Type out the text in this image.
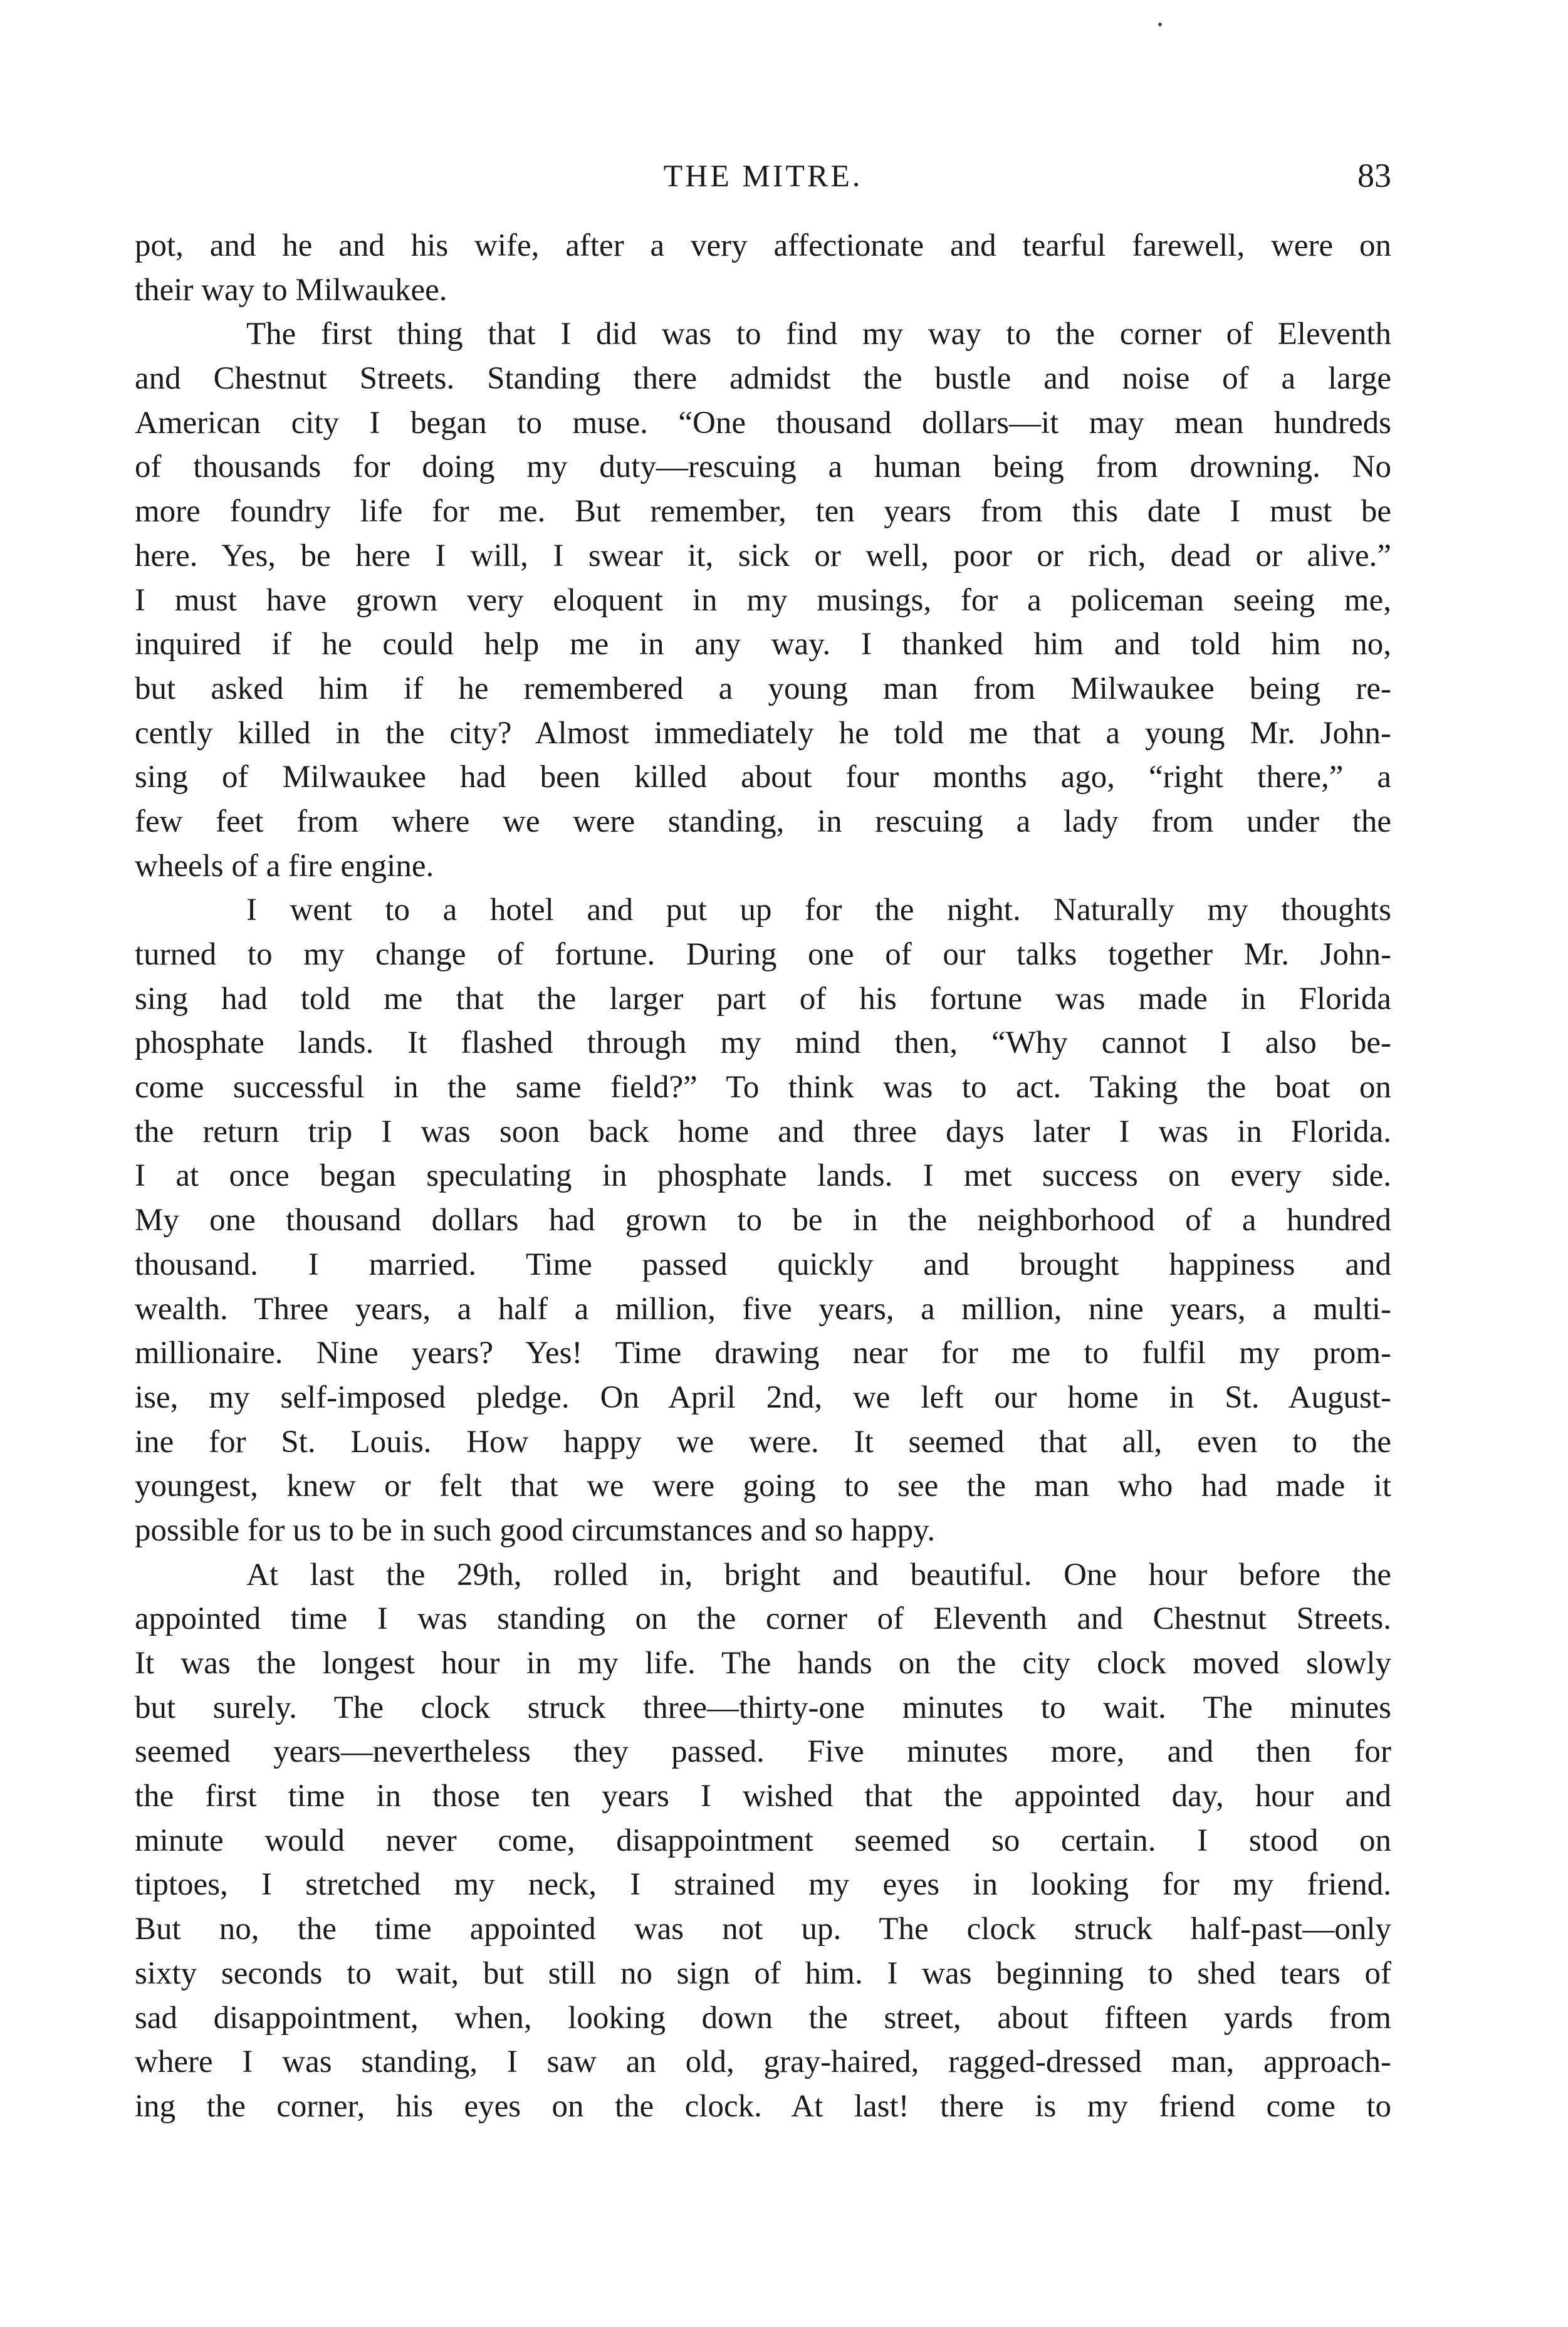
THE MITRE.	83
pot, and he and his wife, after a very affectionate and tearful farewell, were on
their way to Milwaukee.
The first thing that I did was to find my way to the corner of Eleventh
and Chestnut Streets. Standing there admidst the bustle and noise of a large
American city I began to muse. “One thousand dollars—it may mean hundreds
of thousands for doing my duty—rescuing a human being from drowning. No
more foundry life for me. But remember, ten years from this date I must be
here. Yes, be here I will, I swear it, sick or well, poor or rich, dead or alive.”
I must have grown very eloquent in my musings, for a policeman seeing me,
inquired if he could help me in any way. I thanked him and told him no,
but asked him if he remembered a young man from Milwaukee being re-
cently killed in the city? Almost immediately he told me that a young Mr. John-
sing of Milwaukee had been killed about four months ago, “right there,” a
few feet from where we were standing, in rescuing a lady from under the
wheels of a fire engine.
I went to a hotel and put up for the night. Naturally my thoughts
turned to my change of fortune. During one of our talks together Mr. John-
sing had told me that the larger part of his fortune was made in Florida
phosphate lands. It flashed through my mind then, “Why cannot I also be-
come successful in the same field?” To think was to act. Taking the boat on
the return trip I was soon back home and three days later I was in Florida.
I at once began speculating in phosphate lands. I met success on every side.
My one thousand dollars had grown to be in the neighborhood of a hundred
thousand. I married. Time passed quickly and brought happiness and
wealth. Three years, a half a million, five years, a million, nine years, a multi-
millionaire. Nine years? Yes! Time drawing near for me to fulfil my prom-
ise, my self-imposed pledge. On April 2nd, we left our home in St. August-
ine for St. Louis. How happy we were. It seemed that all, even to the
youngest, knew or felt that we were going to see the man who had made it
possible for us to be in such good circumstances and so happy.
At last the 29th, rolled in, bright and beautiful. One hour before the
appointed time I was standing on the corner of Eleventh and Chestnut Streets.
It was the longest hour in my life. The hands on the city clock moved slowly
but surely. The clock struck three—thirty-one minutes to wait. The minutes
seemed years—nevertheless they passed. Five minutes more, and then for
the first time in those ten years I wished that the appointed day, hour and
minute would never come, disappointment seemed so certain. I stood on
tiptoes, I stretched my neck, I strained my eyes in looking for my friend.
But no, the time appointed was not up. The clock struck half-past—only
sixty seconds to wait, but still no sign of him. I was beginning to shed tears of
sad disappointment, when, looking down the street, about fifteen yards from
where I was standing, I saw an old, gray-haired, ragged-dressed man, approach-
ing the corner, his eyes on the clock. At last! there is my friend come to
